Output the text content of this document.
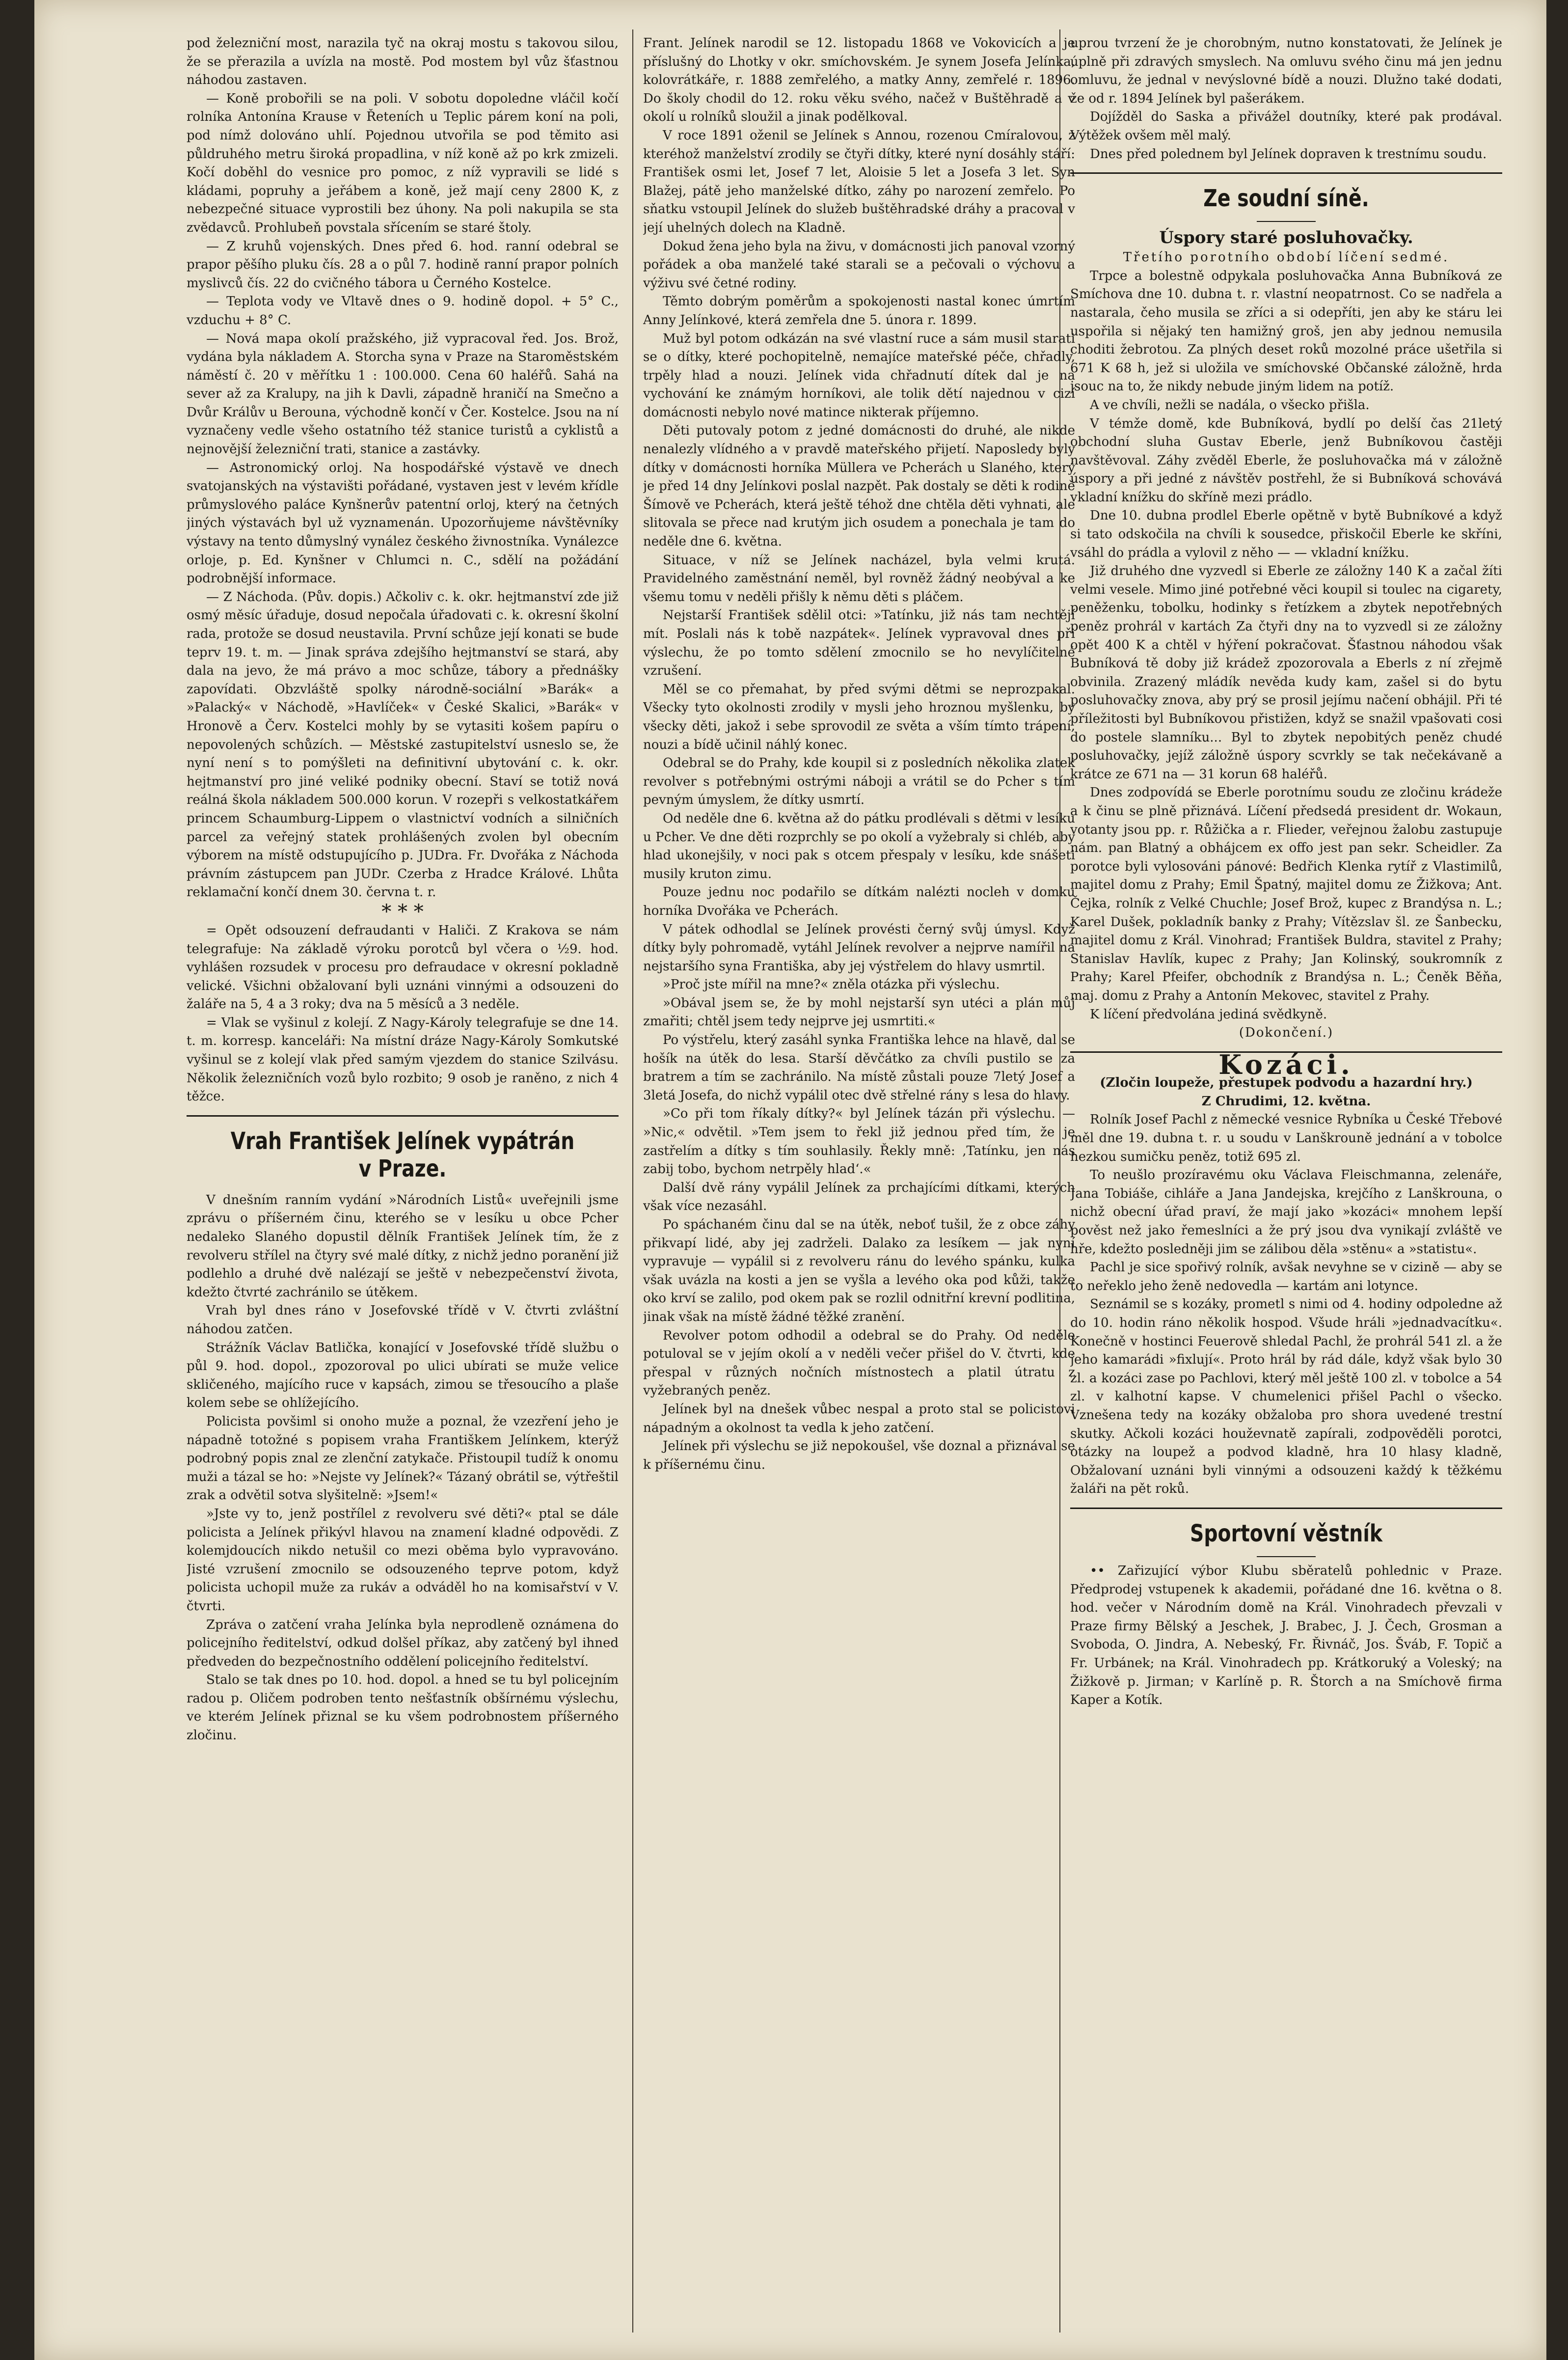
pod železniční most, narazila tyč na okraj mostu s takovou silou, že se přerazila a uvízla na mostě. Pod mostem byl vůz šťastnou náhodou zastaven.

— Koně probořili se na poli. V sobotu dopoledne vláčil kočí rolníka Antonína Krause v Řeteních u Teplic párem koní na poli, pod nímž dolováno uhlí. Pojednou utvořila se pod těmito asi půldruhého metru široká propadlina, v níž koně až po krk zmizeli. Kočí doběhl do vesnice pro pomoc, z níž vypravili se lidé s kládami, popruhy a jeřábem a koně, jež mají ceny 2800 K, z nebezpečné situace vyprostili bez úhony. Na poli nakupila se sta zvědavců. Prohlubeň povstala sřícením se staré štoly.

— Z kruhů vojenských. Dnes před 6. hod. ranní odebral se prapor pěšího pluku čís. 28 a o půl 7. hodině ranní prapor polních myslivců čís. 22 do cvičného tábora u Černého Kostelce.

— Teplota vody ve Vltavě dnes o 9. hodině dopol. + 5° C., vzduchu + 8° C.

— Nová mapa okolí pražského, již vypracoval řed. Jos. Brož, vydána byla nákladem A. Storcha syna v Praze na Staroměstském náměstí č. 20 v měřítku 1 : 100.000. Cena 60 haléřů. Sahá na sever až za Kralupy, na jih k Davli, západně hraničí na Smečno a Dvůr Králův u Berouna, východně končí v Čer. Kostelce. Jsou na ní vyznačeny vedle všeho ostatního též stanice turistů a cyklistů a nejnovější železniční trati, stanice a zastávky.

— Astronomický orloj. Na hospodářské výstavě ve dnech svatojanských na výstavišti pořádané, vystaven jest v levém křídle průmyslového paláce Kynšnerův patentní orloj, který na četných jiných výstavách byl už vyznamenán. Upozorňujeme návštěvníky výstavy na tento důmyslný vynález českého živnostníka. Vynálezce orloje, p. Ed. Kynšner v Chlumci n. C., sdělí na požádání podrobnější informace.

— Z Náchoda. (Pův. dopis.) Ačkoliv c. k. okr. hejtmanství zde již osmý měsíc úřaduje, dosud nepočala úřadovati c. k. okresní školní rada, protože se dosud neustavila. První schůze její konati se bude teprv 19. t. m. — Jinak správa zdejšího hejtmanství se stará, aby dala na jevo, že má právo a moc schůze, tábory a přednášky zapovídati. Obzvláště spolky národně-sociální »Barák« a »Palacký« v Náchodě, »Havlíček« v České Skalici, »Barák« v Hronově a Červ. Kostelci mohly by se vytasiti košem papíru o nepovolených schůzích. — Městské zastupitelství usneslo se, že nyní není s to pomýšleti na definitivní ubytování c. k. okr. hejtmanství pro jiné veliké podniky obecní. Staví se totiž nová reálná škola nákladem 500.000 korun. V rozepři s velkostatkářem princem Schaumburg-Lippem o vlastnictví vodních a silničních parcel za veřejný statek prohlášených zvolen byl obecním výborem na místě odstupujícího p. JUDra. Fr. Dvořáka z Náchoda právním zástupcem pan JUDr. Czerba z Hradce Králové. Lhůta reklamační končí dnem 30. června t. r.

* * *

= Opět odsouzení defraudanti v Haliči. Z Krakova se nám telegrafuje: Na základě výroku porotců byl včera o ½9. hod. vyhlášen rozsudek v procesu pro defraudace v okresní pokladně velické. Všichni obžalovaní byli uznáni vinnými a odsouzeni do žaláře na 5, 4 a 3 roky; dva na 5 měsíců a 3 neděle.

= Vlak se vyšinul z kolejí. Z Nagy-Károly telegrafuje se dne 14. t. m. korresp. kanceláři: Na místní dráze Nagy-Károly Somkutské vyšinul se z kolejí vlak před samým vjezdem do stanice Szilvásu. Několik železničních vozů bylo rozbito; 9 osob je raněno, z nich 4 těžce.

Vrah František Jelínek vypátrán v Praze.

V dnešním ranním vydání »Národních Listů« uveřejnili jsme zprávu o příšerném činu, kterého se v lesíku u obce Pcher nedaleko Slaného dopustil dělník František Jelínek tím, že z revolveru střílel na čtyry své malé dítky, z nichž jedno poranění již podlehlo a druhé dvě nalézají se ještě v nebezpečenství života, kdežto čtvrté zachránilo se útěkem.

Vrah byl dnes ráno v Josefovské třídě v V. čtvrti zvláštní náhodou zatčen.

Strážník Václav Batlička, konající v Josefovské třídě službu o půl 9. hod. dopol., zpozoroval po ulici ubírati se muže velice skličeného, majícího ruce v kapsách, zimou se třesoucího a plaše kolem sebe se ohlížejícího.

Policista povšiml si onoho muže a poznal, že vzezření jeho je nápadně totožné s popisem vraha Františkem Jelínkem, kterýž podrobný popis znal ze zlenční zatykače. Přistoupil tudíž k onomu muži a tázal se ho: »Nejste vy Jelínek?« Tázaný obrátil se, výtřeštil zrak a odvětil sotva slyšitelně: »Jsem!«

»Jste vy to, jenž postřílel z revolveru své děti?« ptal se dále policista a Jelínek přikývl hlavou na znamení kladné odpovědi. Z kolemjdoucích nikdo netušil co mezi oběma bylo vypravováno. Jisté vzrušení zmocnilo se odsouzeného teprve potom, když policista uchopil muže za rukáv a odváděl ho na komisařství v V. čtvrti.

Zpráva o zatčení vraha Jelínka byla neprodleně oznámena do policejního ředitelství, odkud dolšel příkaz, aby zatčený byl ihned předveden do bezpečnostního oddělení policejního ředitelství.

Stalo se tak dnes po 10. hod. dopol. a hned se tu byl policejním radou p. Oličem podroben tento nešťastník obšírnému výslechu, ve kterém Jelínek přiznal se ku všem podrobnostem příšerného zločinu.

Frant. Jelínek narodil se 12. listopadu 1868 ve Vokovicích a je příslušný do Lhotky v okr. smíchovském. Je synem Josefa Jelínka, kolovrátkáře, r. 1888 zemřelého, a matky Anny, zemřelé r. 1896. Do školy chodil do 12. roku věku svého, načež v Buštěhradě a v okolí u rolníků sloužil a jinak podělkoval.

V roce 1891 oženil se Jelínek s Annou, rozenou Cmíralovou, z kteréhož manželství zrodily se čtyři dítky, které nyní dosáhly stáří: František osmi let, Josef 7 let, Aloisie 5 let a Josefa 3 let. Syn Blažej, pátě jeho manželské dítko, záhy po narození zemřelo. Po sňatku vstoupil Jelínek do služeb buštěhradské dráhy a pracoval v její uhelných dolech na Kladně.

Dokud žena jeho byla na živu, v domácnosti jich panoval vzorný pořádek a oba manželé také starali se a pečovali o výchovu a výživu své četné rodiny.

Těmto dobrým poměrům a spokojenosti nastal konec úmrtím Anny Jelínkové, která zemřela dne 5. února r. 1899.

Muž byl potom odkázán na své vlastní ruce a sám musil starati se o dítky, které pochopitelně, nemajíce mateřské péče, chřadly, trpěly hlad a nouzi. Jelínek vida chřadnutí dítek dal je na vychování ke známým horníkovi, ale tolik dětí najednou v cizí domácnosti nebylo nové matince nikterak příjemno.

Děti putovaly potom z jedné domácnosti do druhé, ale nikde nenalezly vlídného a v pravdě mateřského přijetí. Naposledy byly dítky v domácnosti horníka Müllera ve Pcherách u Slaného, který je před 14 dny Jelínkovi poslal nazpět. Pak dostaly se děti k rodině Šímově ve Pcherách, která ještě téhož dne chtěla děti vyhnati, ale slitovala se přece nad krutým jich osudem a ponechala je tam do neděle dne 6. května.

Situace, v níž se Jelínek nacházel, byla velmi krutá. Pravidelného zaměstnání neměl, byl rovněž žádný neobýval a ke všemu tomu v neděli přišly k němu děti s pláčem.

Nejstarší František sdělil otci: »Tatínku, již nás tam nechtějí mít. Poslali nás k tobě nazpátek«. Jelínek vypravoval dnes při výslechu, že po tomto sdělení zmocnilo se ho nevylíčitelné vzrušení.

Měl se co přemahat, by před svými dětmi se neprozpakal. Všecky tyto okolnosti zrodily v mysli jeho hroznou myšlenku, by všecky děti, jakož i sebe sprovodil ze světa a vším tímto trápení, nouzi a bídě učinil náhlý konec.

Odebral se do Prahy, kde koupil si z posledních několika zlatek revolver s potřebnými ostrými náboji a vrátil se do Pcher s tím pevným úmyslem, že dítky usmrtí.

Od neděle dne 6. května až do pátku prodlévali s dětmi v lesíku u Pcher. Ve dne děti rozprchly se po okolí a vyžebraly si chléb, aby hlad ukonejšily, v noci pak s otcem přespaly v lesíku, kde snášeti musily kruton zimu.

Pouze jednu noc podařilo se dítkám nalézti nocleh v domku horníka Dvořáka ve Pcherách.

V pátek odhodlal se Jelínek provésti černý svůj úmysl. Když dítky byly pohromadě, vytáhl Jelínek revolver a nejprve namířil na nejstaršího syna Františka, aby jej výstřelem do hlavy usmrtil.

»Proč jste mířil na mne?« zněla otázka při výslechu.

»Obával jsem se, že by mohl nejstarší syn utéci a plán můj zmařiti; chtěl jsem tedy nejprve jej usmrtiti.«

Po výstřelu, který zasáhl synka Františka lehce na hlavě, dal se hošík na útěk do lesa. Starší děvčátko za chvíli pustilo se za bratrem a tím se zachránilo. Na místě zůstali pouze 7letý Josef a 3letá Josefa, do nichž vypálil otec dvě střelné rány s lesa do hlavy.

»Co při tom říkaly dítky?« byl Jelínek tázán při výslechu. — »Nic,« odvětil. »Tem jsem to řekl již jednou před tím, že je zastřelím a dítky s tím souhlasily. Řekly mně: ‚Tatínku, jen nás zabij tobo, bychom netrpěly hlad‘.«

Další dvě rány vypálil Jelínek za prchajícími dítkami, kterých však více nezasáhl.

Po spáchaném činu dal se na útěk, neboť tušil, že z obce záhy přikvapí lidé, aby jej zadrželi. Dalako za lesíkem — jak nyní vypravuje — vypálil si z revolveru ránu do levého spánku, kulka však uvázla na kosti a jen se vyšla a levého oka pod kůži, takže oko krví se zalilo, pod okem pak se rozlil odnitřní krevní podlitina, jinak však na místě žádné těžké zranění.

Revolver potom odhodil a odebral se do Prahy. Od neděle potuloval se v jejím okolí a v neděli večer přišel do V. čtvrti, kde přespal v různých nočních místnostech a platil útratu z vyžebraných peněz.

Jelínek byl na dnešek vůbec nespal a proto stal se policistovi nápadným a okolnost ta vedla k jeho zatčení.

Jelínek při výslechu se již nepokoušel, vše doznal a přiznával se k příšernému činu.

uprou tvrzení že je chorobným, nutno konstatovati, že Jelínek je úplně při zdravých smyslech. Na omluvu svého činu má jen jednu omluvu, že jednal v nevýslovné bídě a nouzi. Dlužno také dodati, že od r. 1894 Jelínek byl pašerákem.

Dojížděl do Saska a přivážel doutníky, které pak prodával. Výtěžek ovšem měl malý.

Dnes před polednem byl Jelínek dopraven k trestnímu soudu.

Ze soudní síně.
Úspory staré posluhovačky.
Třetího porotního období líčení sedmé.

Trpce a bolestně odpykala posluhovačka Anna Bubníková ze Smíchova dne 10. dubna t. r. vlastní neopatrnost. Co se nadřela a nastarala, čeho musila se zříci a si odepříti, jen aby ke stáru lei uspořila si nějaký ten hamižný groš, jen aby jednou nemusila choditi žebrotou. Za plných deset roků mozolné práce ušetřila si 671 K 68 h, jež si uložila ve smíchovské Občanské záložně, hrda jsouc na to, že nikdy nebude jiným lidem na potíž.

A ve chvíli, nežli se nadála, o všecko přišla.

V témže domě, kde Bubníková, bydlí po delší čas 21letý obchodní sluha Gustav Eberle, jenž Bubníkovou častěji navštěvoval. Záhy zvěděl Eberle, že posluhovačka má v záložně úspory a při jedné z návštěv postřehl, že si Bubníková schovává vkladní knížku do skříně mezi prádlo.

Dne 10. dubna prodlel Eberle opětně v bytě Bubníkové a když si tato odskočila na chvíli k sousedce, přiskočil Eberle ke skříni, vsáhl do prádla a vylovil z něho — — vkladní knížku.

Již druhého dne vyzvedl si Eberle ze záložny 140 K a začal žíti velmi vesele. Mimo jiné potřebné věci koupil si toulec na cigarety, peněženku, tobolku, hodinky s řetízkem a zbytek nepotřebných peněz prohrál v kartách Za čtyři dny na to vyzvedl si ze záložny opět 400 K a chtěl v hýření pokračovat. Šťastnou náhodou však Bubníková tě doby již krádež zpozorovala a Eberls z ní zřejmě obvinila. Zrazený mládík nevěda kudy kam, zašel si do bytu posluhovačky znova, aby prý se prosil jejímu načení obhájil. Při té příležitosti byl Bubníkovou přistižen, když se snažil vpašovati cosi do postele slamníku... Byl to zbytek nepobitých peněz chudé posluhovačky, jejíž záložně úspory scvrkly se tak nečekávaně a krátce ze 671 na — 31 korun 68 haléřů.

Dnes zodpovídá se Eberle porotnímu soudu ze zločinu krádeže a k činu se plně přiznává. Líčení předsedá president dr. Wokaun, votanty jsou pp. r. Růžička a r. Flieder, veřejnou žalobu zastupuje nám. pan Blatný a obhájcem ex offo jest pan sekr. Scheidler. Za porotce byli vylosováni pánové: Bedřich Klenka rytíř z Vlastimilů, majitel domu z Prahy; Emil Špatný, majitel domu ze Žižkova; Ant. Čejka, rolník z Velké Chuchle; Josef Brož, kupec z Brandýsa n. L.; Karel Dušek, pokladník banky z Prahy; Vítězslav šl. ze Šanbecku, majitel domu z Král. Vinohrad; František Buldra, stavitel z Prahy; Stanislav Havlík, kupec z Prahy; Jan Kolinský, soukromník z Prahy; Karel Pfeifer, obchodník z Brandýsa n. L.; Čeněk Běňa, maj. domu z Prahy a Antonín Mekovec, stavitel z Prahy.

K líčení předvolána jediná svědkyně.

(Dokončení.)
Kozáci.
(Zločin loupeže, přestupek podvodu a hazardní hry.)
Z Chrudimi, 12. května.

Rolník Josef Pachl z německé vesnice Rybníka u České Třebové měl dne 19. dubna t. r. u soudu v Lanškrouně jednání a v tobolce hezkou sumičku peněz, totiž 695 zl.

To neušlo prozíravému oku Václava Fleischmanna, zelenáře, Jana Tobiáše, cihláře a Jana Jandejska, krejčího z Lanškrouna, o nichž obecní úřad praví, že mají jako »kozáci« mnohem lepší pověst než jako řemeslníci a že prý jsou dva vynikají zvláště ve hře, kdežto posledněji jim se zálibou děla »stěnu« a »statistu«.

Pachl je sice spořivý rolník, avšak nevyhne se v cizině — aby se to neřeklo jeho ženě nedovedla — kartám ani lotynce.

Seznámil se s kozáky, prometl s nimi od 4. hodiny odpoledne až do 10. hodin ráno několik hospod. Všude hráli »jednadvacítku«. Konečně v hostinci Feuerově shledal Pachl, že prohrál 541 zl. a že jeho kamarádi »fixlují«. Proto hrál by rád dále, když však bylo 30 zl. a kozáci zase po Pachlovi, který měl ještě 100 zl. v tobolce a 54 zl. v kalhotní kapse. V chumelenici přišel Pachl o všecko. Vznešena tedy na kozáky obžaloba pro shora uvedené trestní skutky. Ačkoli kozáci houževnatě zapírali, zodpověděli porotci, otázky na loupež a podvod kladně, hra 10 hlasy kladně, Obžalovaní uznáni byli vinnými a odsouzeni každý k těžkému žaláři na pět roků.

Sportovní věstník

•• Zařizující výbor Klubu sběratelů pohlednic v Praze. Předprodej vstupenek k akademii, pořádané dne 16. května o 8. hod. večer v Národním domě na Král. Vinohradech převzali v Praze firmy Bělský a Jeschek, J. Brabec, J. J. Čech, Grosman a Svoboda, O. Jindra, A. Nebeský, Fr. Řivnáč, Jos. Šváb, F. Topič a Fr. Urbánek; na Král. Vinohradech pp. Krátkoruký a Voleský; na Žižkově p. Jirman; v Karlíně p. R. Štorch a na Smíchově firma Kaper a Kotík.
